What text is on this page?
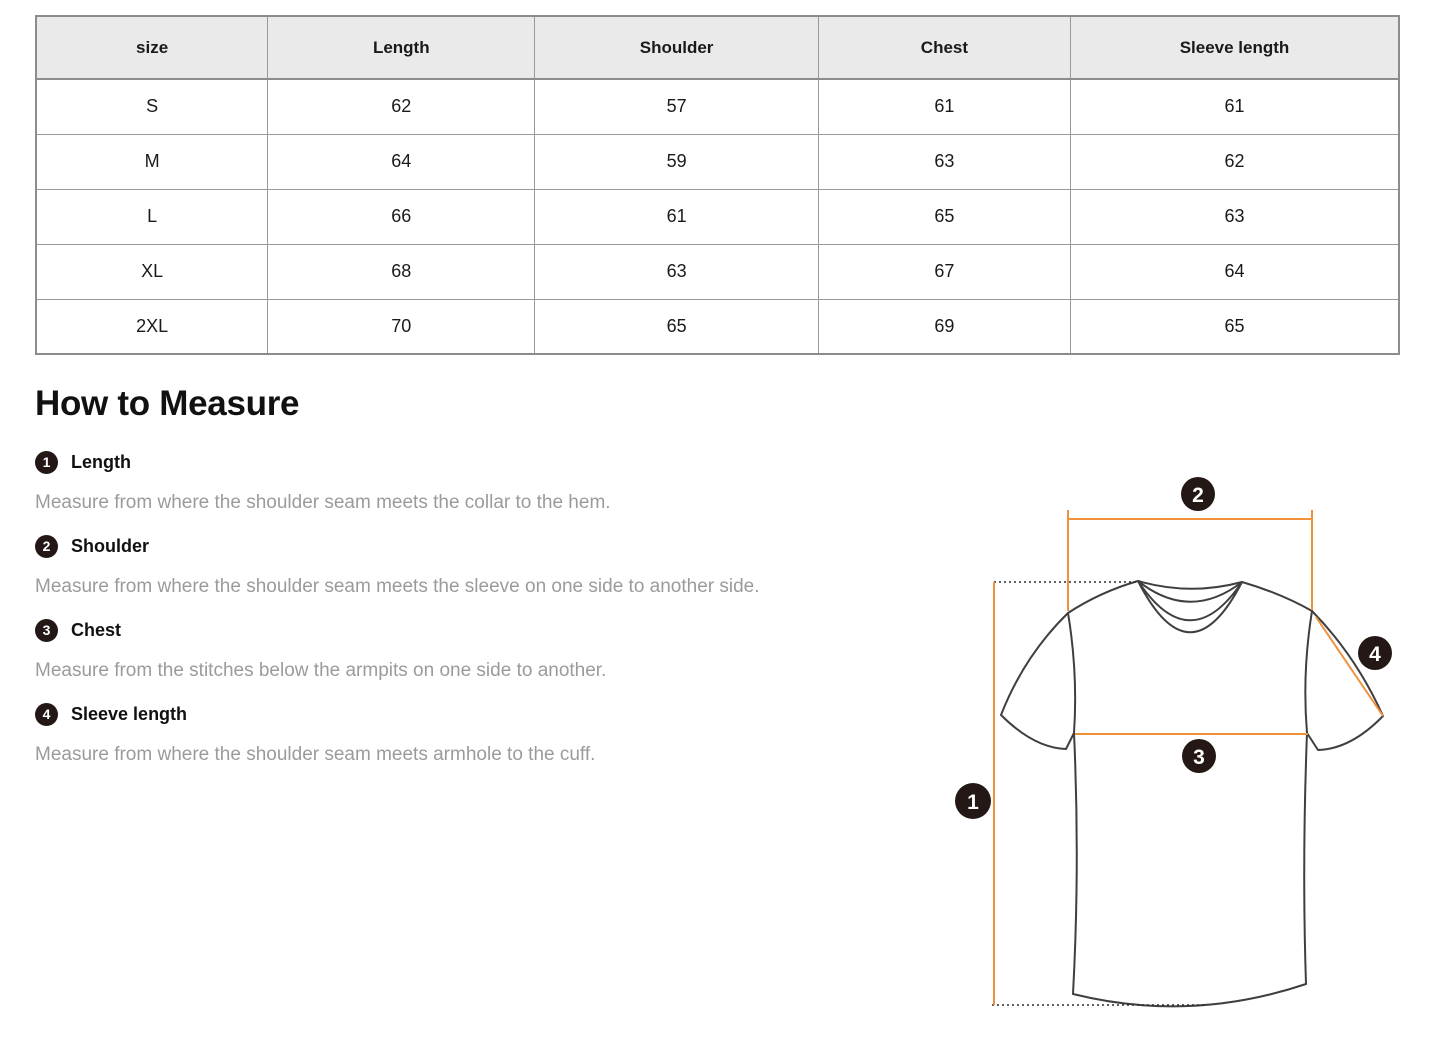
size	Length	Shoulder	Chest	Sleeve length
S	62	57	61	61
M	64	59	63	62
L	66	61	65	63
XL	68	63	67	64
2XL	70	65	69	65
How to Measure
1	Length

Measure from where the shoulder seam meets the collar to the hem.

2	Shoulder

Measure from where the shoulder seam meets the sleeve on one side to another side.

3	Chest

Measure from the stitches below the armpits on one side to another.

4	Sleeve length

Measure from where the shoulder seam meets armhole to the cuff.

1
2
3
4
